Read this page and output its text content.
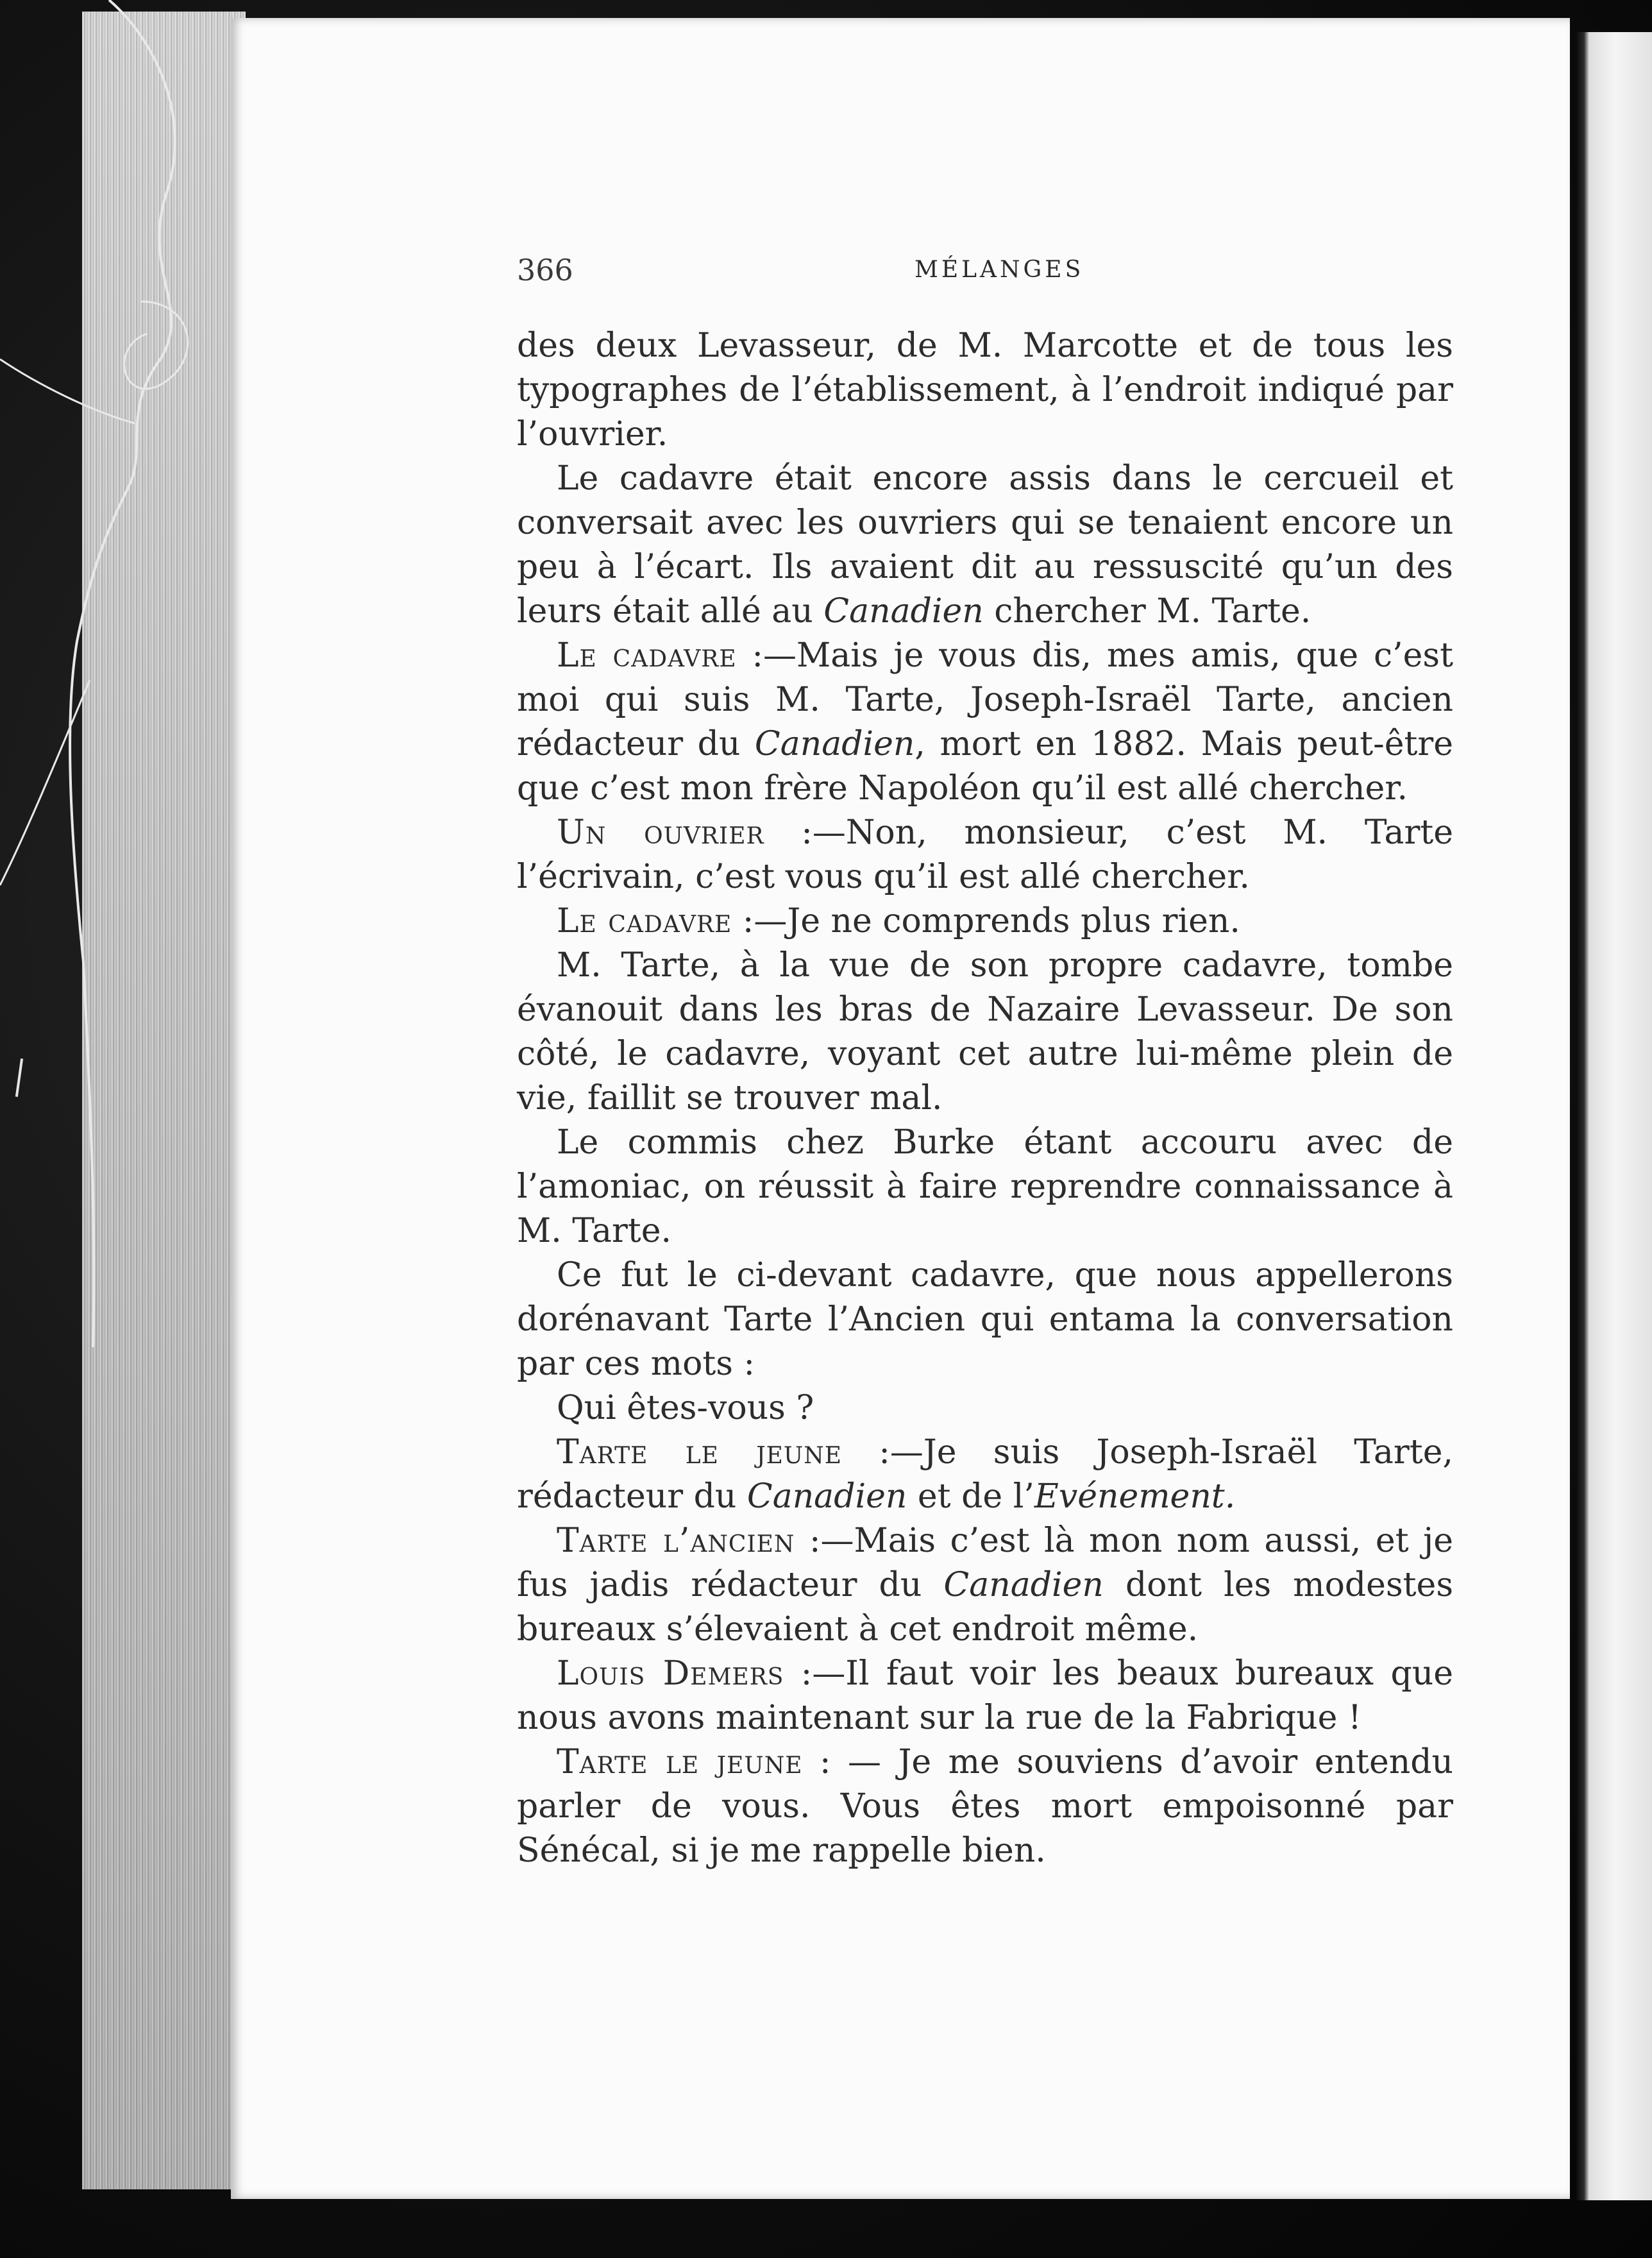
366	MÉLANGES

des deux Levasseur, de M. Marcotte et de tous les typographes de l’établissement, à l’endroit indiqué par l’ouvrier.

Le cadavre était encore assis dans le cercueil et conversait avec les ouvriers qui se tenaient encore un peu à l’écart. Ils avaient dit au ressuscité qu’un des leurs était allé au Canadien chercher M. Tarte.

Le cadavre :—Mais je vous dis, mes amis, que c’est moi qui suis M. Tarte, Joseph-Israël Tarte, ancien rédacteur du Canadien, mort en 1882. Mais peut-être que c’est mon frère Napoléon qu’il est allé chercher.

Un ouvrier :—Non, monsieur, c’est M. Tarte l’écrivain, c’est vous qu’il est allé chercher.

Le cadavre :—Je ne comprends plus rien.

M. Tarte, à la vue de son propre cadavre, tombe évanouit dans les bras de Nazaire Levasseur. De son côté, le cadavre, voyant cet autre lui-même plein de vie, faillit se trouver mal.

Le commis chez Burke étant accouru avec de l’amoniac, on réussit à faire reprendre connaissance à M. Tarte.

Ce fut le ci-devant cadavre, que nous appellerons dorénavant Tarte l’Ancien qui entama la conversation par ces mots :

Qui êtes-vous ?

Tarte le jeune :—Je suis Joseph-Israël Tarte, rédacteur du Canadien et de l’Evénement.

Tarte l’ancien :—Mais c’est là mon nom aussi, et je fus jadis rédacteur du Canadien dont les modestes bureaux s’élevaient à cet endroit même.

Louis Demers :—Il faut voir les beaux bureaux que nous avons maintenant sur la rue de la Fabrique !

Tarte le jeune : — Je me souviens d’avoir entendu parler de vous. Vous êtes mort empoisonné par Sénécal, si je me rappelle bien.
